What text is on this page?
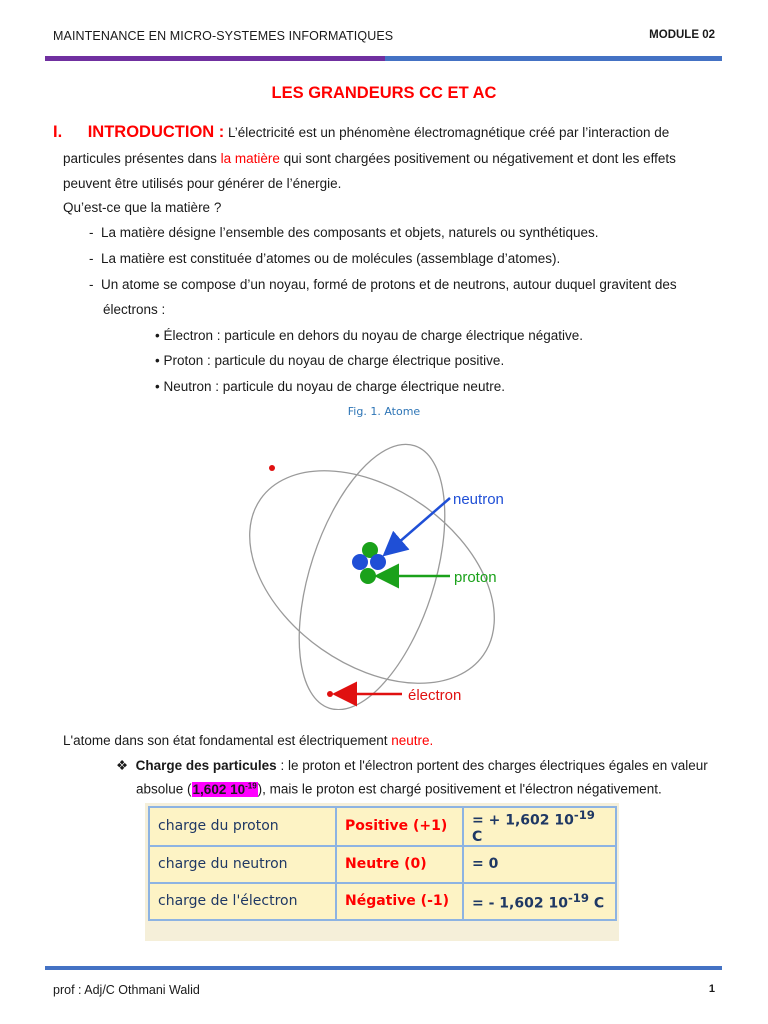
MAINTENANCE EN MICRO-SYSTEMES INFORMATIQUES	MODULE 02
LES GRANDEURS CC ET AC
I. INTRODUCTION : L’électricité est un phénomène électromagnétique créé par l’interaction de
particules présentes dans la matière qui sont chargées positivement ou négativement et dont les effets
peuvent être utilisés pour générer de l’énergie.
Qu’est-ce que la matière ?
-  La matière désigne l’ensemble des composants et objets, naturels ou synthétiques.
-  La matière est constituée d’atomes ou de molécules (assemblage d’atomes).
-  Un atome se compose d’un noyau, formé de protons et de neutrons, autour duquel gravitent des
électrons :
• Électron : particule en dehors du noyau de charge électrique négative.
• Proton : particule du noyau de charge électrique positive.
• Neutron : particule du noyau de charge électrique neutre.
Fig. 1. Atome
neutron
proton
électron
L'atome dans son état fondamental est électriquement neutre.
❖ Charge des particules : le proton et l'électron portent des charges électriques égales en valeur
absolue (1,602 $10^{-19}$), mais le proton est chargé positivement et l'électron négativement.
charge du proton	Positive (+1)	= + 1,602 $10^{-19}$ C
charge du neutron	Neutre (0)	= 0
charge de l'électron	Négative (-1)	= - 1,602 $10^{-19}$ C
prof : Adj/C Othmani Walid	1
